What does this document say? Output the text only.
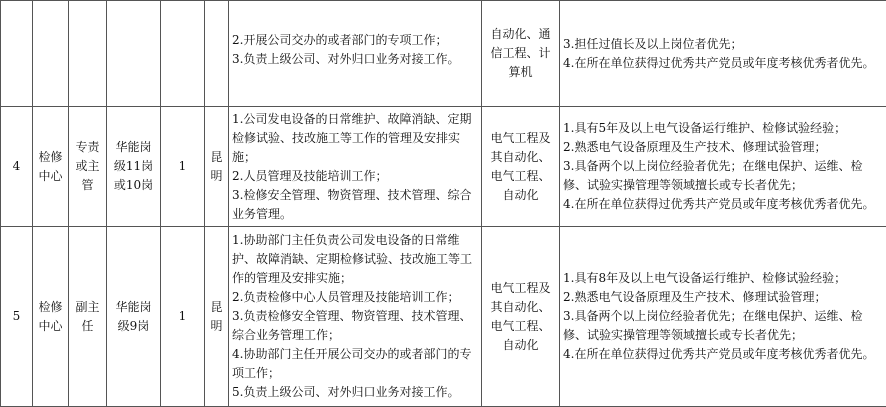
						2.开展公司交办的或者部门的专项工作；
3.负责上级公司、对外归口业务对接工作。	自动化、通信工程、计算机	3.担任过值长及以上岗位者优先；
4.在所在单位获得过优秀共产党员或年度考核优秀者优先。

4	检修中心	专责或主管	华能岗级11岗或10岗	1	昆明	1.公司发电设备的日常维护、故障消缺、定期检修试验、技改施工等工作的管理及安排实施；
2.人员管理及技能培训工作；
3.检修安全管理、物资管理、技术管理、综合业务管理。	电气工程及其自动化、电气工程、自动化	1.具有5年及以上电气设备运行维护、检修试验经验；
2.熟悉电气设备原理及生产技术、修理试验管理；
3.具备两个以上岗位经验者优先；在继电保护、运维、检修、试验实操管理等领域擅长或专长者优先；
4.在所在单位获得过优秀共产党员或年度考核优秀者优先。

5	检修中心	副主任	华能岗级9岗	1	昆明	1.协助部门主任负责公司发电设备的日常维护、故障消缺、定期检修试验、技改施工等工作的管理及安排实施；
2.负责检修中心人员管理及技能培训工作；
3.负责检修安全管理、物资管理、技术管理、综合业务管理工作；
4.协助部门主任开展公司交办的或者部门的专项工作；
5.负责上级公司、对外归口业务对接工作。	电气工程及其自动化、电气工程、自动化	1.具有8年及以上电气设备运行维护、检修试验经验；
2.熟悉电气设备原理及生产技术、修理试验管理；
3.具备两个以上岗位经验者优先；在继电保护、运维、检修、试验实操管理等领域擅长或专长者优先；
4.在所在单位获得过优秀共产党员或年度考核优秀者优先。
